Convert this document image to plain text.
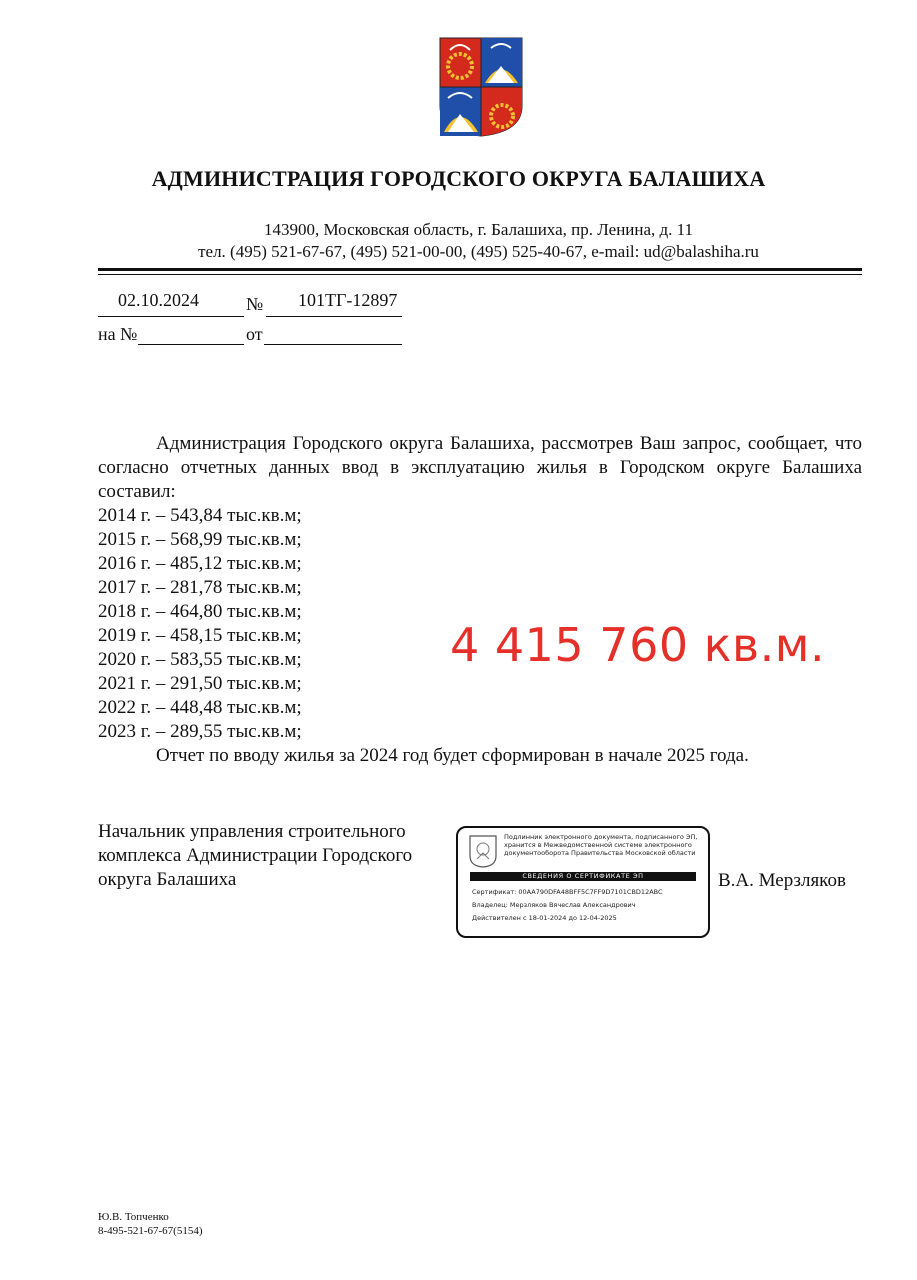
АДМИНИСТРАЦИЯ ГОРОДСКОГО ОКРУГА БАЛАШИХА
143900, Московская область, г. Балашиха, пр. Ленина, д. 11
тел. (495) 521-67-67, (495) 521-00-00, (495) 525-40-67, e-mail: ud@balashiha.ru
02.10.2024	№ 101ТГ-12897
на №	от

Администрация Городского округа Балашиха, рассмотрев Ваш запрос, сообщает, что согласно отчетных данных ввод в эксплуатацию жилья в Городском округе Балашиха составил:

2014 г. – 543,84 тыс.кв.м;

2015 г. – 568,99 тыс.кв.м;

2016 г. – 485,12 тыс.кв.м;

2017 г. – 281,78 тыс.кв.м;

2018 г. – 464,80 тыс.кв.м;

2019 г. – 458,15 тыс.кв.м;

2020 г. – 583,55 тыс.кв.м;

2021 г. – 291,50 тыс.кв.м;

2022 г. – 448,48 тыс.кв.м;

2023 г. – 289,55 тыс.кв.м;

Отчет по вводу жилья за 2024 год будет сформирован в начале 2025 года.

4 415 760 кв.м.
Начальник управления строительного
комплекса Администрации Городского
округа Балашиха
Подлинник электронного документа, подписанного ЭП,
хранится в Межведомственной системе электронного
документооборота Правительства Московской области
СВЕДЕНИЯ О СЕРТИФИКАТЕ ЭП
Сертификат: 00AA790DFA48BFF5C7FF9D7101CBD12ABC
Владелец: Мерзляков Вячеслав Александрович
Действителен с 18-01-2024 до 12-04-2025
В.А. Мерзляков
Ю.В. Топченко
8-495-521-67-67(5154)
